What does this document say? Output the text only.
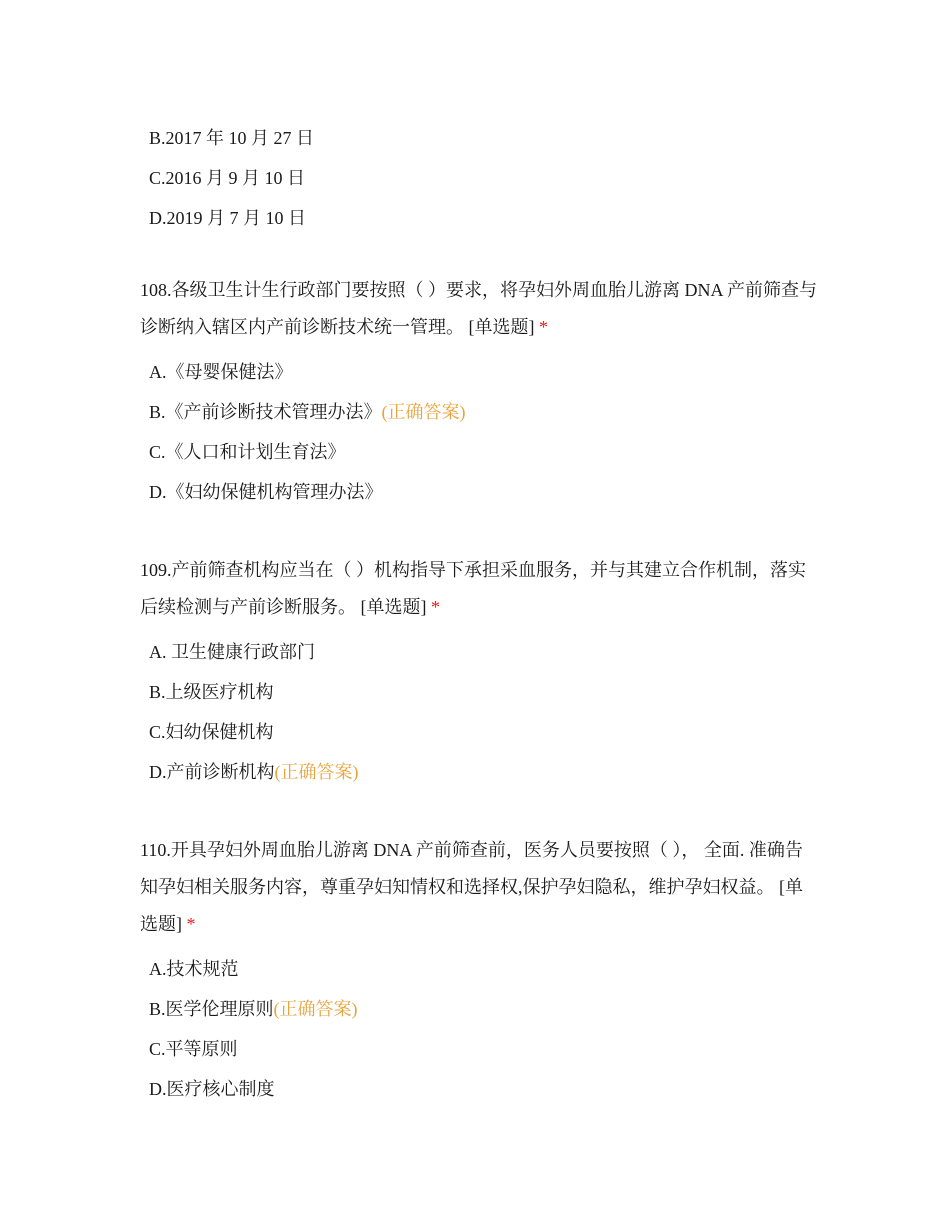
B.2017 年 10 月 27 日
C.2016 月 9 月 10 日
D.2019 月 7 月 10 日

108.各级卫生计生行政部门要按照（ ）要求，将孕妇外周血胎儿游离 DNA 产前筛查与诊断纳入辖区内产前诊断技术统一管理。 [单选题] *

A.《母婴保健法》
B.《产前诊断技术管理办法》(正确答案)
C.《人口和计划生育法》
D.《妇幼保健机构管理办法》

109.产前筛查机构应当在（ ）机构指导下承担采血服务，并与其建立合作机制，落实后续检测与产前诊断服务。 [单选题] *

A. 卫生健康行政部门
B.上级医疗机构
C.妇幼保健机构
D.产前诊断机构(正确答案)

110.开具孕妇外周血胎儿游离 DNA 产前筛查前，医务人员要按照（ ）， 全面. 准确告知孕妇相关服务内容，尊重孕妇知情权和选择权,保护孕妇隐私，维护孕妇权益。 [单选题] *

A.技术规范
B.医学伦理原则(正确答案)
C.平等原则
D.医疗核心制度
